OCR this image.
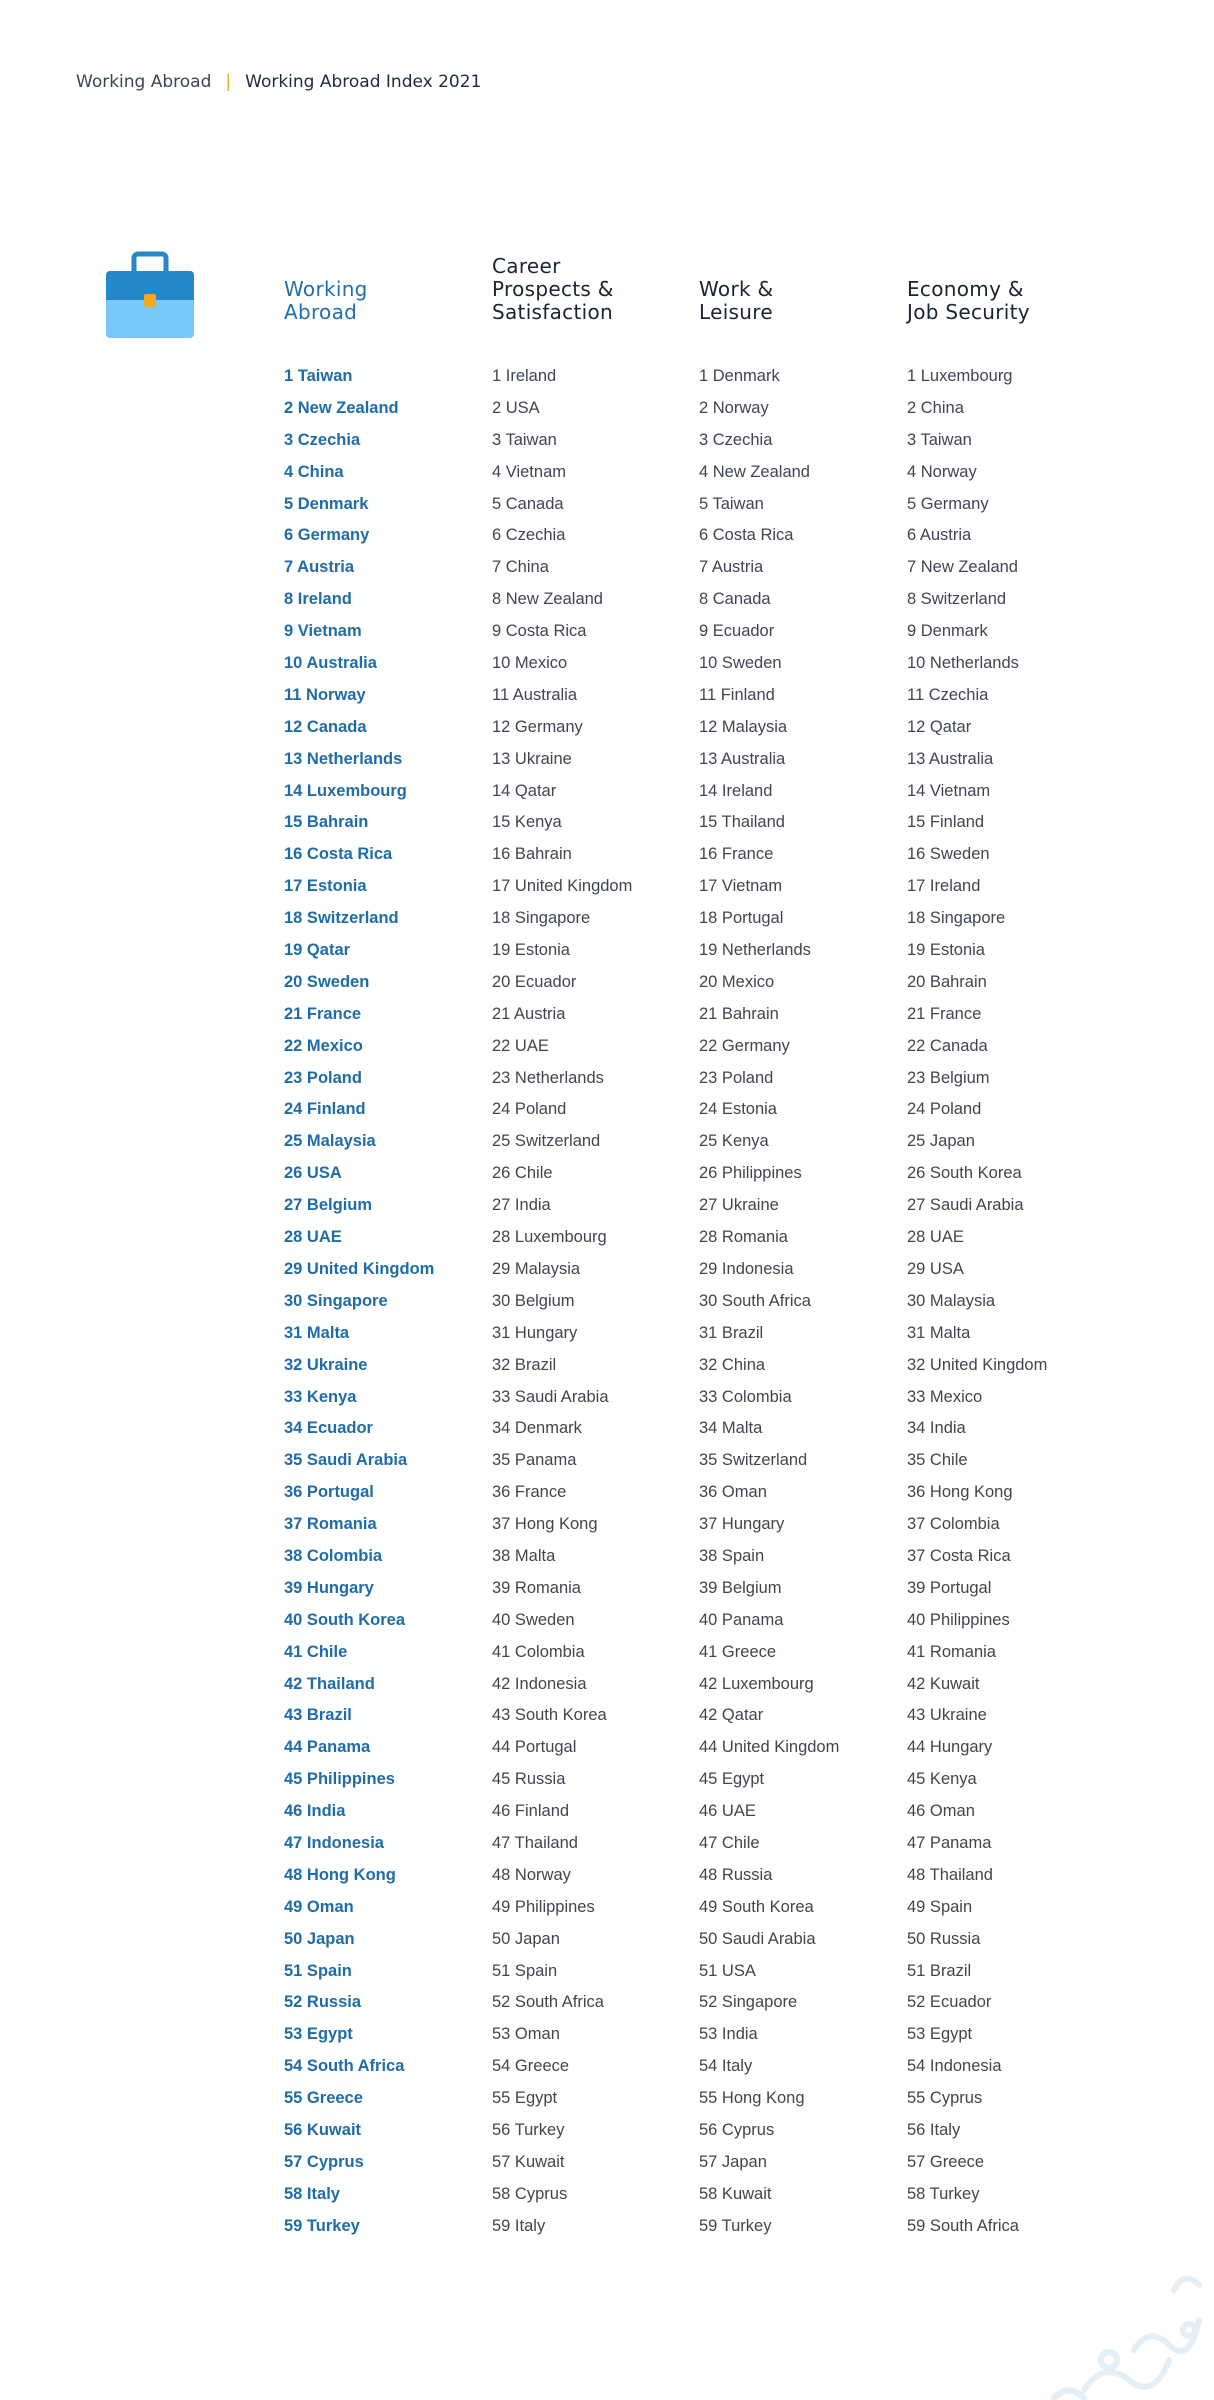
Working Abroad | Working Abroad Index 2021
Working
Abroad
Career
Prospects &
Satisfaction
Work &
Leisure
Economy &
Job Security
1 Taiwan
2 New Zealand
3 Czechia
4 China
5 Denmark
6 Germany
7 Austria
8 Ireland
9 Vietnam
10 Australia
11 Norway
12 Canada
13 Netherlands
14 Luxembourg
15 Bahrain
16 Costa Rica
17 Estonia
18 Switzerland
19 Qatar
20 Sweden
21 France
22 Mexico
23 Poland
24 Finland
25 Malaysia
26 USA
27 Belgium
28 UAE
29 United Kingdom
30 Singapore
31 Malta
32 Ukraine
33 Kenya
34 Ecuador
35 Saudi Arabia
36 Portugal
37 Romania
38 Colombia
39 Hungary
40 South Korea
41 Chile
42 Thailand
43 Brazil
44 Panama
45 Philippines
46 India
47 Indonesia
48 Hong Kong
49 Oman
50 Japan
51 Spain
52 Russia
53 Egypt
54 South Africa
55 Greece
56 Kuwait
57 Cyprus
58 Italy
59 Turkey
1 Ireland
2 USA
3 Taiwan
4 Vietnam
5 Canada
6 Czechia
7 China
8 New Zealand
9 Costa Rica
10 Mexico
11 Australia
12 Germany
13 Ukraine
14 Qatar
15 Kenya
16 Bahrain
17 United Kingdom
18 Singapore
19 Estonia
20 Ecuador
21 Austria
22 UAE
23 Netherlands
24 Poland
25 Switzerland
26 Chile
27 India
28 Luxembourg
29 Malaysia
30 Belgium
31 Hungary
32 Brazil
33 Saudi Arabia
34 Denmark
35 Panama
36 France
37 Hong Kong
38 Malta
39 Romania
40 Sweden
41 Colombia
42 Indonesia
43 South Korea
44 Portugal
45 Russia
46 Finland
47 Thailand
48 Norway
49 Philippines
50 Japan
51 Spain
52 South Africa
53 Oman
54 Greece
55 Egypt
56 Turkey
57 Kuwait
58 Cyprus
59 Italy
1 Denmark
2 Norway
3 Czechia
4 New Zealand
5 Taiwan
6 Costa Rica
7 Austria
8 Canada
9 Ecuador
10 Sweden
11 Finland
12 Malaysia
13 Australia
14 Ireland
15 Thailand
16 France
17 Vietnam
18 Portugal
19 Netherlands
20 Mexico
21 Bahrain
22 Germany
23 Poland
24 Estonia
25 Kenya
26 Philippines
27 Ukraine
28 Romania
29 Indonesia
30 South Africa
31 Brazil
32 China
33 Colombia
34 Malta
35 Switzerland
36 Oman
37 Hungary
38 Spain
39 Belgium
40 Panama
41 Greece
42 Luxembourg
42 Qatar
44 United Kingdom
45 Egypt
46 UAE
47 Chile
48 Russia
49 South Korea
50 Saudi Arabia
51 USA
52 Singapore
53 India
54 Italy
55 Hong Kong
56 Cyprus
57 Japan
58 Kuwait
59 Turkey
1 Luxembourg
2 China
3 Taiwan
4 Norway
5 Germany
6 Austria
7 New Zealand
8 Switzerland
9 Denmark
10 Netherlands
11 Czechia
12 Qatar
13 Australia
14 Vietnam
15 Finland
16 Sweden
17 Ireland
18 Singapore
19 Estonia
20 Bahrain
21 France
22 Canada
23 Belgium
24 Poland
25 Japan
26 South Korea
27 Saudi Arabia
28 UAE
29 USA
30 Malaysia
31 Malta
32 United Kingdom
33 Mexico
34 India
35 Chile
36 Hong Kong
37 Colombia
37 Costa Rica
39 Portugal
40 Philippines
41 Romania
42 Kuwait
43 Ukraine
44 Hungary
45 Kenya
46 Oman
47 Panama
48 Thailand
49 Spain
50 Russia
51 Brazil
52 Ecuador
53 Egypt
54 Indonesia
55 Cyprus
56 Italy
57 Greece
58 Turkey
59 South Africa
